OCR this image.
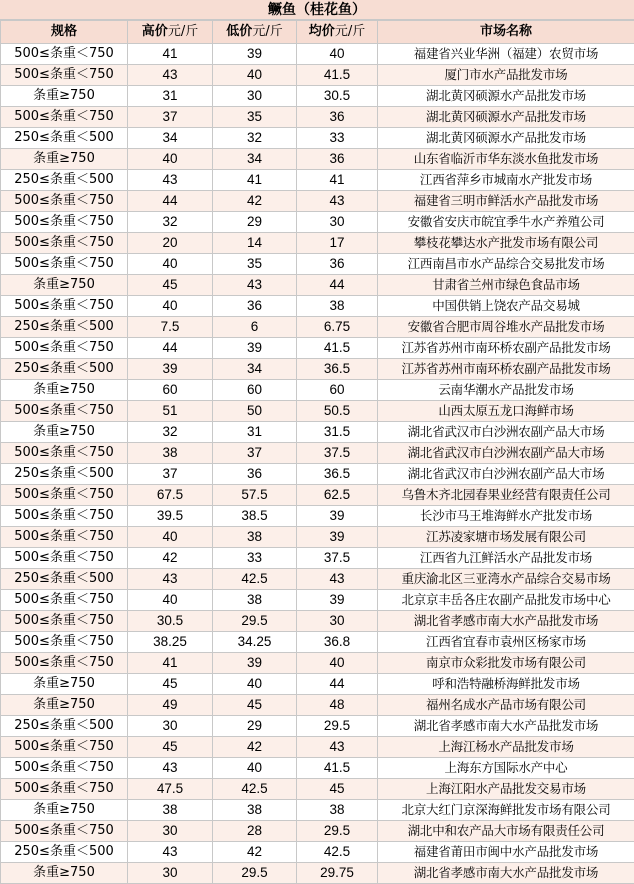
鳜鱼（桂花鱼）
规格	高价元/斤	低价元/斤	均价元/斤	市场名称
500≤条重＜750	41	39	40	福建省兴业华洲（福建）农贸市场
500≤条重＜750	43	40	41.5	厦门市水产品批发市场
条重≥750	31	30	30.5	湖北黄冈硕源水产品批发市场
500≤条重＜750	37	35	36	湖北黄冈硕源水产品批发市场
250≤条重＜500	34	32	33	湖北黄冈硕源水产品批发市场
条重≥750	40	34	36	山东省临沂市华东淡水鱼批发市场
250≤条重＜500	43	41	41	江西省萍乡市城南水产批发市场
500≤条重＜750	44	42	43	福建省三明市鲜活水产品批发市场
500≤条重＜750	32	29	30	安徽省安庆市皖宜季牛水产养殖公司
500≤条重＜750	20	14	17	攀枝花攀达水产批发市场有限公司
500≤条重＜750	40	35	36	江西南昌市水产品综合交易批发市场
条重≥750	45	43	44	甘肃省兰州市绿色食品市场
500≤条重＜750	40	36	38	中国供销上饶农产品交易城
250≤条重＜500	7.5	6	6.75	安徽省合肥市周谷堆水产品批发市场
500≤条重＜750	44	39	41.5	江苏省苏州市南环桥农副产品批发市场
250≤条重＜500	39	34	36.5	江苏省苏州市南环桥农副产品批发市场
条重≥750	60	60	60	云南华潮水产品批发市场
500≤条重＜750	51	50	50.5	山西太原五龙口海鲜市场
条重≥750	32	31	31.5	湖北省武汉市白沙洲农副产品大市场
500≤条重＜750	38	37	37.5	湖北省武汉市白沙洲农副产品大市场
250≤条重＜500	37	36	36.5	湖北省武汉市白沙洲农副产品大市场
500≤条重＜750	67.5	57.5	62.5	乌鲁木齐北园春果业经营有限责任公司
500≤条重＜750	39.5	38.5	39	长沙市马王堆海鲜水产批发市场
500≤条重＜750	40	38	39	江苏凌家塘市场发展有限公司
500≤条重＜750	42	33	37.5	江西省九江鲜活水产品批发市场
250≤条重＜500	43	42.5	43	重庆渝北区三亚湾水产品综合交易市场
500≤条重＜750	40	38	39	北京京丰岳各庄农副产品批发市场中心
500≤条重＜750	30.5	29.5	30	湖北省孝感市南大水产品批发市场
500≤条重＜750	38.25	34.25	36.8	江西省宜春市袁州区杨家市场
500≤条重＜750	41	39	40	南京市众彩批发市场有限公司
条重≥750	45	40	44	呼和浩特融桥海鲜批发市场
条重≥750	49	45	48	福州名成水产品市场有限公司
250≤条重＜500	30	29	29.5	湖北省孝感市南大水产品批发市场
500≤条重＜750	45	42	43	上海江杨水产品批发市场
500≤条重＜750	43	40	41.5	上海东方国际水产中心
500≤条重＜750	47.5	42.5	45	上海江阳水产品批发交易市场
条重≥750	38	38	38	北京大红门京深海鲜批发市场有限公司
500≤条重＜750	30	28	29.5	湖北中和农产品大市场有限责任公司
250≤条重＜500	43	42	42.5	福建省莆田市闽中水产品批发市场
条重≥750	30	29.5	29.75	湖北省孝感市南大水产品批发市场
